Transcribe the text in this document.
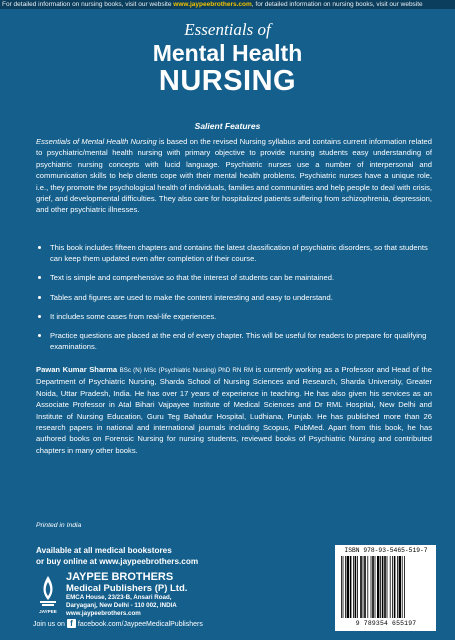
For detailed information on nursing books, visit our website www.jaypeebrothers.com, for detailed information on nursing books, visit our website
Essentials of
Mental Health
NURSING
Salient Features
Essentials of Mental Health Nursing is based on the revised Nursing syllabus and contains current information related to psychiatric/mental health nursing with primary objective to provide nursing students easy understanding of psychiatric nursing concepts with lucid language. Psychiatric nurses use a number of interpersonal and communication skills to help clients cope with their mental health problems. Psychiatric nurses have a unique role, i.e., they promote the psychological health of individuals, families and communities and help people to deal with crisis, grief, and developmental difficulties. They also care for hospitalized patients suffering from schizophrenia, depression, and other psychiatric illnesses.
This book includes fifteen chapters and contains the latest classification of psychiatric disorders, so that students can keep them updated even after completion of their course.
Text is simple and comprehensive so that the interest of students can be maintained.
Tables and figures are used to make the content interesting and easy to understand.
It includes some cases from real-life experiences.
Practice questions are placed at the end of every chapter. This will be useful for readers to prepare for qualifying examinations.
Pawan Kumar Sharma BSc (N) MSc (Psychiatric Nursing) PhD RN RM is currently working as a Professor and Head of the Department of Psychiatric Nursing, Sharda School of Nursing Sciences and Research, Sharda University, Greater Noida, Uttar Pradesh, India. He has over 17 years of experience in teaching. He has also given his services as an Associate Professor in Atal Bihari Vajpayee Institute of Medical Sciences and Dr RML Hospital, New Delhi and Institute of Nursing Education, Guru Teg Bahadur Hospital, Ludhiana, Punjab. He has published more than 26 research papers in national and international journals including Scopus, PubMed. Apart from this book, he has authored books on Forensic Nursing for nursing students, reviewed books of Psychiatric Nursing and contributed chapters in many other books.
Printed in India
Available at all medical bookstores
or buy online at www.jaypeebrothers.com
JAYPEE
JAYPEE BROTHERS
Medical Publishers (P) Ltd.
EMCA House, 23/23-B, Ansari Road,
Daryaganj, New Delhi - 110 002, INDIA
www.jaypeebrothers.com
Join us on f facebook.com/JaypeeMedicalPublishers
ISBN 978-93-5465-519-7
9 789354 655197
